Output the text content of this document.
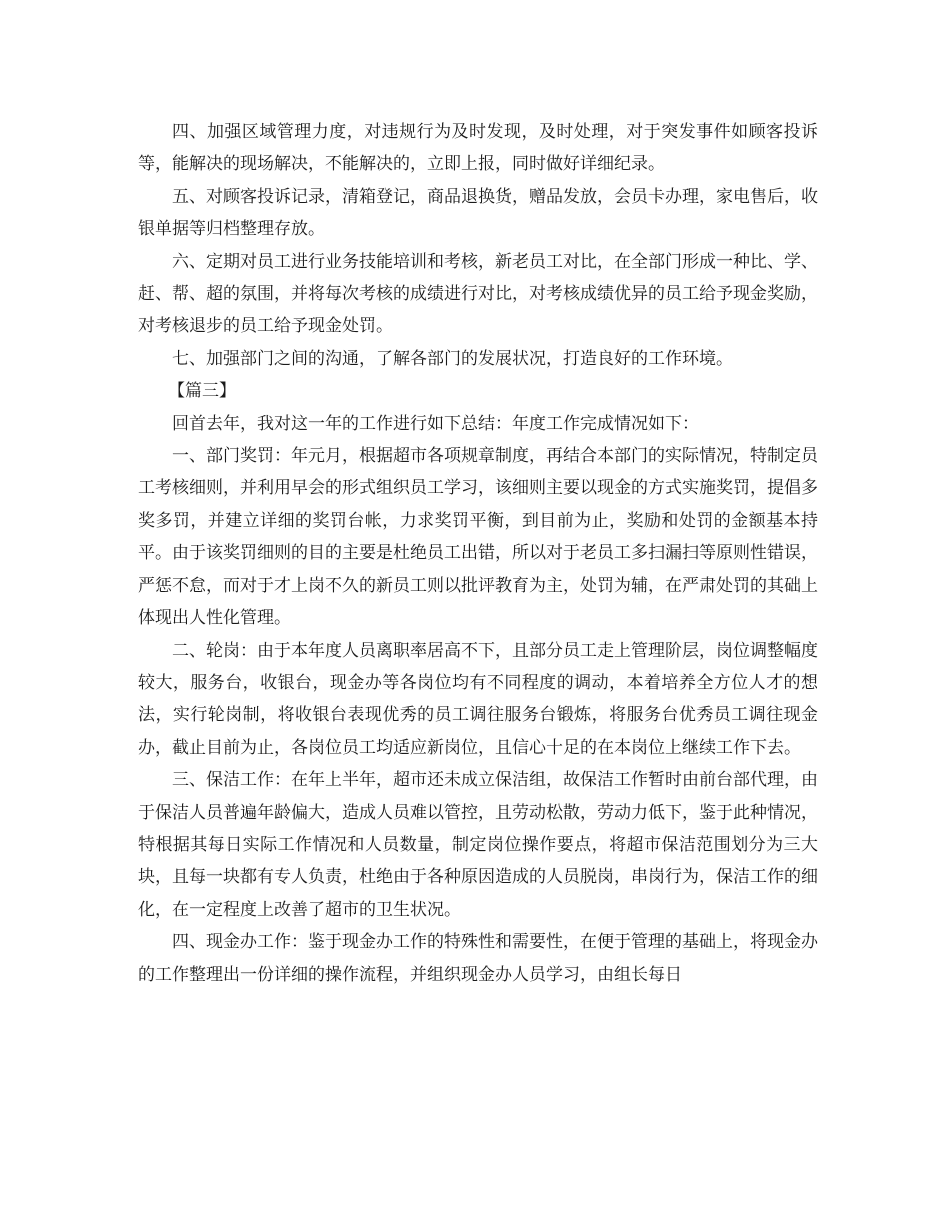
四、加强区域管理力度，对违规行为及时发现，及时处理，对于突发事件如顾客投诉等，能解决的现场解决，不能解决的，立即上报，同时做好详细纪录。

五、对顾客投诉记录，清箱登记，商品退换货，赠品发放，会员卡办理，家电售后，收银单据等归档整理存放。

六、定期对员工进行业务技能培训和考核，新老员工对比，在全部门形成一种比、学、赶、帮、超的氛围，并将每次考核的成绩进行对比，对考核成绩优异的员工给予现金奖励，对考核退步的员工给予现金处罚。

七、加强部门之间的沟通，了解各部门的发展状况，打造良好的工作环境。

【篇三】

回首去年，我对这一年的工作进行如下总结：年度工作完成情况如下：

一、部门奖罚：年元月，根据超市各项规章制度，再结合本部门的实际情况，特制定员工考核细则，并利用早会的形式组织员工学习，该细则主要以现金的方式实施奖罚，提倡多奖多罚，并建立详细的奖罚台帐，力求奖罚平衡，到目前为止，奖励和处罚的金额基本持平。由于该奖罚细则的目的主要是杜绝员工出错，所以对于老员工多扫漏扫等原则性错误，严惩不怠，而对于才上岗不久的新员工则以批评教育为主，处罚为辅，在严肃处罚的其础上体现出人性化管理。

二、轮岗：由于本年度人员离职率居高不下，且部分员工走上管理阶层，岗位调整幅度较大，服务台，收银台，现金办等各岗位均有不同程度的调动，本着培养全方位人才的想法，实行轮岗制，将收银台表现优秀的员工调往服务台锻炼，将服务台优秀员工调往现金办，截止目前为止，各岗位员工均适应新岗位，且信心十足的在本岗位上继续工作下去。

三、保洁工作：在年上半年，超市还未成立保洁组，故保洁工作暂时由前台部代理，由于保洁人员普遍年龄偏大，造成人员难以管控，且劳动松散，劳动力低下，鉴于此种情况，特根据其每日实际工作情况和人员数量，制定岗位操作要点，将超市保洁范围划分为三大块，且每一块都有专人负责，杜绝由于各种原因造成的人员脱岗，串岗行为，保洁工作的细化，在一定程度上改善了超市的卫生状况。

四、现金办工作：鉴于现金办工作的特殊性和需要性，在便于管理的基础上，将现金办的工作整理出一份详细的操作流程，并组织现金办人员学习，由组长每日
